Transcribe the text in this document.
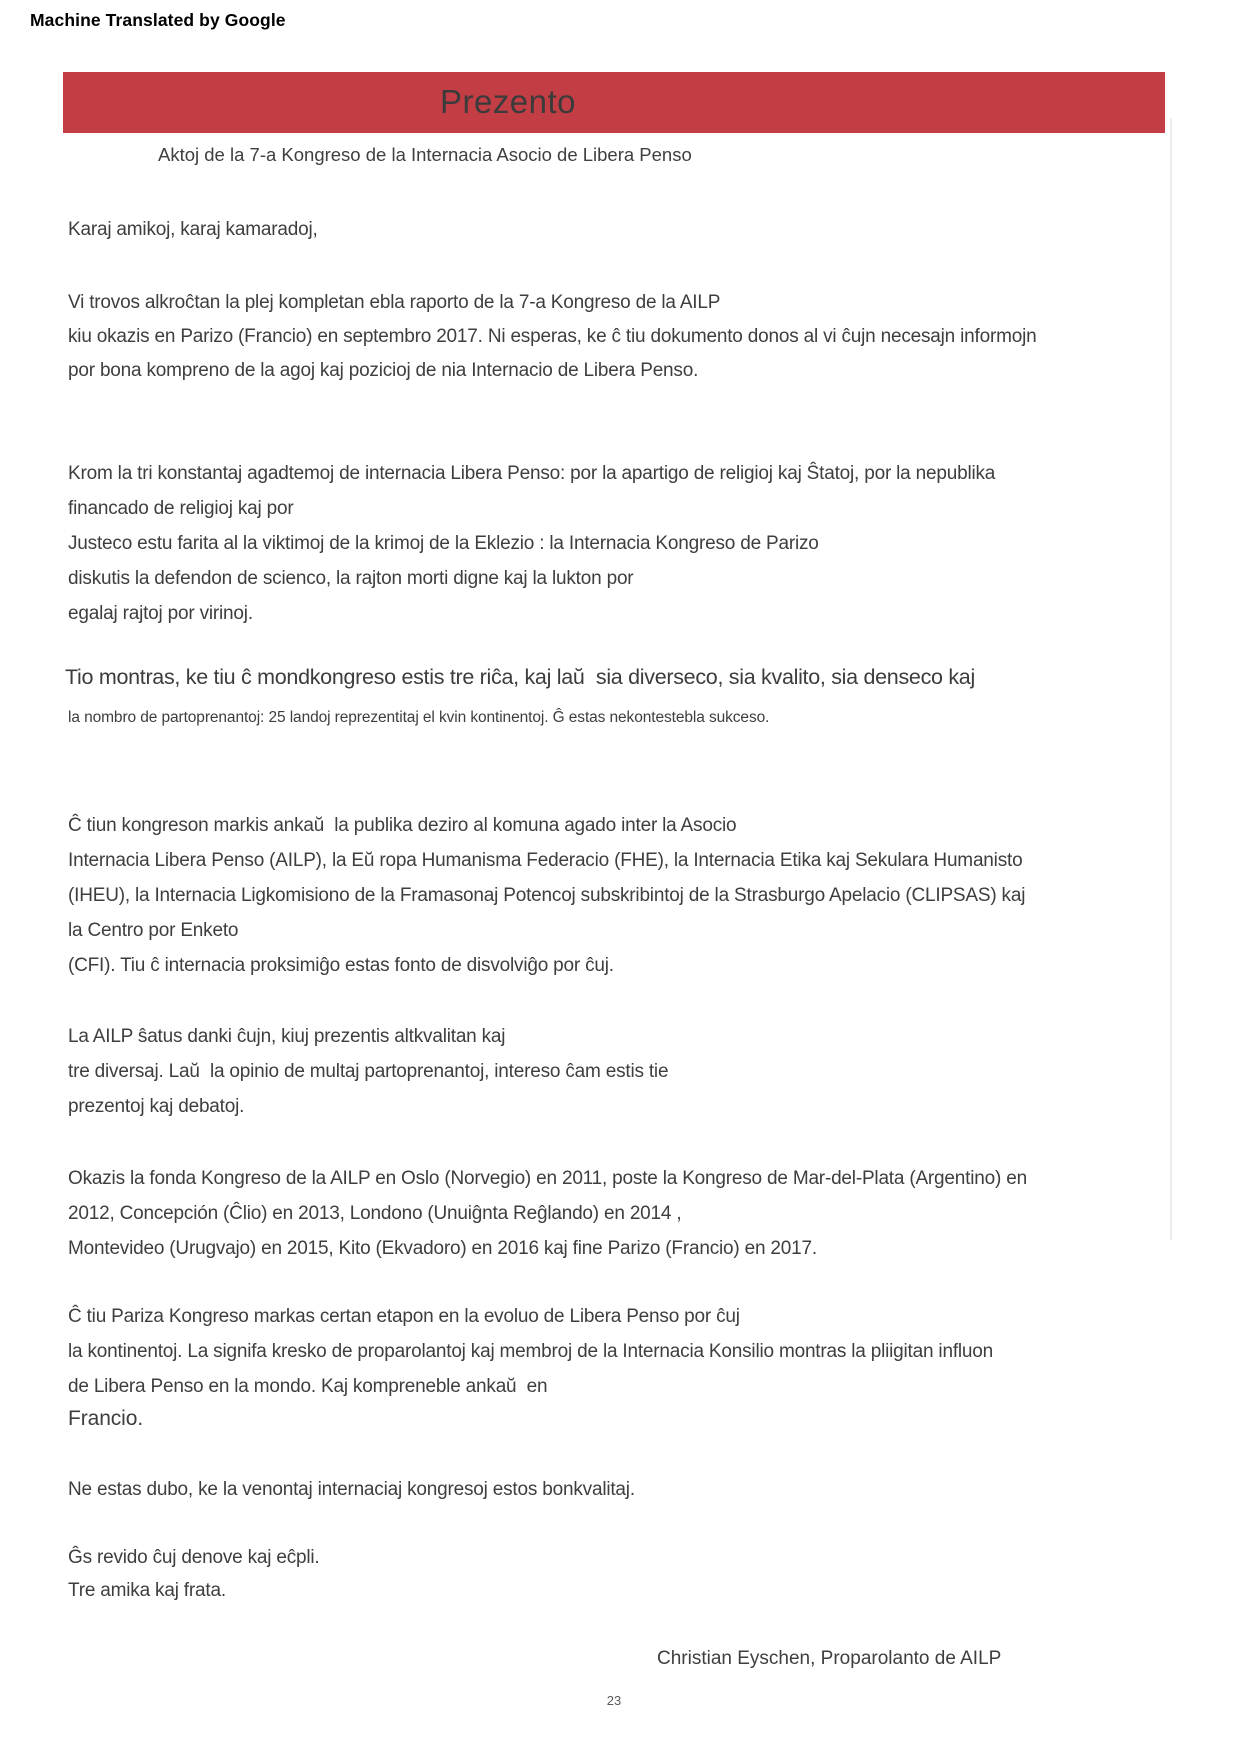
Machine Translated by Google
Prezento
Aktoj de la 7-a Kongreso de la Internacia Asocio de Libera Penso
Karaj amikoj, karaj kamaradoj,
Vi trovos alkroĉtan la plej kompletan ebla raporto de la 7-a Kongreso de la AILP
kiu okazis en Parizo (Francio) en septembro 2017. Ni esperas, ke ĉ tiu dokumento donos al vi ĉujn necesajn informojn
por bona kompreno de la agoj kaj pozicioj de nia Internacio de Libera Penso.
Krom la tri konstantaj agadtemoj de internacia Libera Penso: por la apartigo de religioj kaj Ŝtatoj, por la nepublika
financado de religioj kaj por
Justeco estu farita al la viktimoj de la krimoj de la Eklezio : la Internacia Kongreso de Parizo
diskutis la defendon de scienco, la rajton morti digne kaj la lukton por
egalaj rajtoj por virinoj.
Tio montras, ke tiu ĉ mondkongreso estis tre riĉa, kaj laŭ  sia diverseco, sia kvalito, sia denseco kaj
la nombro de partoprenantoj: 25 landoj reprezentitaj el kvin kontinentoj. Ĝ estas nekontestebla sukceso.
Ĉ tiun kongreson markis ankaŭ  la publika deziro al komuna agado inter la Asocio
Internacia Libera Penso (AILP), la Eŭ ropa Humanisma Federacio (FHE), la Internacia Etika kaj Sekulara Humanisto
(IHEU), la Internacia Ligkomisiono de la Framasonaj Potencoj subskribintoj de la Strasburgo Apelacio (CLIPSAS) kaj
la Centro por Enketo
(CFI). Tiu ĉ internacia proksimiĝo estas fonto de disvolviĝo por ĉuj.
La AILP ŝatus danki ĉujn, kiuj prezentis altkvalitan kaj
tre diversaj. Laŭ  la opinio de multaj partoprenantoj, intereso ĉam estis tie
prezentoj kaj debatoj.
Okazis la fonda Kongreso de la AILP en Oslo (Norvegio) en 2011, poste la Kongreso de Mar-del-Plata (Argentino) en
2012, Concepción (Ĉlio) en 2013, Londono (Unuiĝnta Reĝlando) en 2014 ,
Montevideo (Urugvajo) en 2015, Kito (Ekvadoro) en 2016 kaj fine Parizo (Francio) en 2017.
Ĉ tiu Pariza Kongreso markas certan etapon en la evoluo de Libera Penso por ĉuj
la kontinentoj. La signifa kresko de proparolantoj kaj membroj de la Internacia Konsilio montras la pliigitan influon
de Libera Penso en la mondo. Kaj kompreneble ankaŭ  en
Francio.
Ne estas dubo, ke la venontaj internaciaj kongresoj estos bonkvalitaj.
Ĝs revido ĉuj denove kaj eĉpli.
Tre amika kaj frata.
Christian Eyschen, Proparolanto de AILP
23
